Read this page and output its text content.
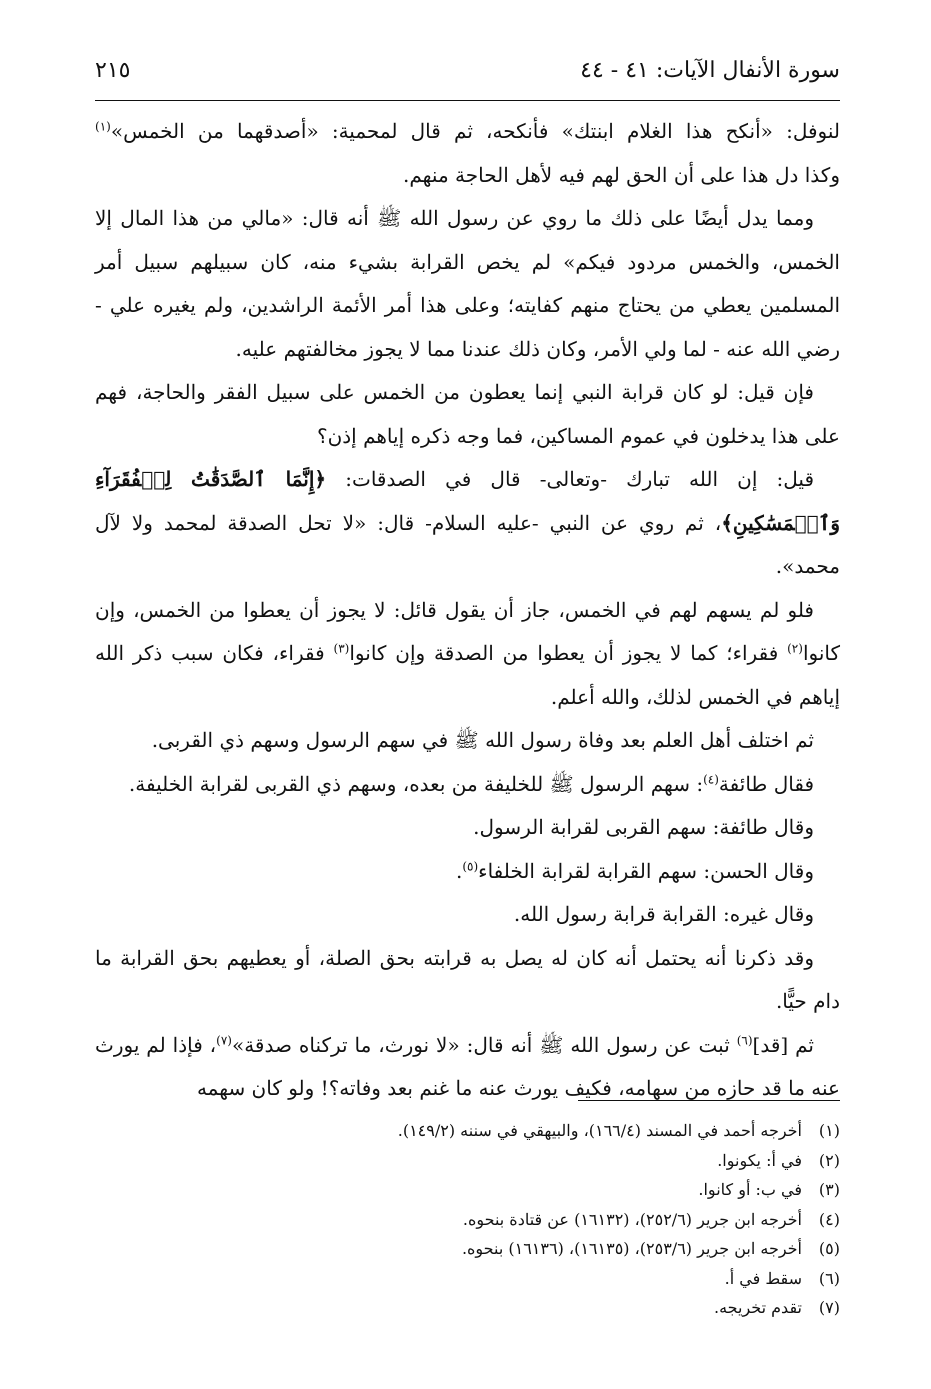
سورة الأنفال الآيات: ٤١ - ٤٤
٢١٥

لنوفل: «أنكح هذا الغلام ابنتك» فأنكحه، ثم قال لمحمية: «أصدقهما من الخمس»$^{(١)}$

وكذا دل هذا على أن الحق لهم فيه لأهل الحاجة منهم.

ومما يدل أيضًا على ذلك ما روي عن رسول الله ﷺ أنه قال: «مالي من هذا المال إلا الخمس، والخمس مردود فيكم» لم يخص القرابة بشيء منه، كان سبيلهم سبيل أمر المسلمين يعطي من يحتاج منهم كفايته؛ وعلى هذا أمر الأئمة الراشدين، ولم يغيره علي - رضي الله عنه - لما ولي الأمر، وكان ذلك عندنا مما لا يجوز مخالفتهم عليه.

فإن قيل: لو كان قرابة النبي إنما يعطون من الخمس على سبيل الفقر والحاجة، فهم على هذا يدخلون في عموم المساكين، فما وجه ذكره إياهم إذن؟

قيل: إن الله تبارك -وتعالى- قال في الصدقات: ﴿إِنَّمَا ٱلصَّدَقَٰتُ لِلۡفُقَرَآءِ وَٱلۡمَسَٰكِينِ﴾، ثم روي عن النبي -عليه السلام- قال: «لا تحل الصدقة لمحمد ولا لآل محمد».

فلو لم يسهم لهم في الخمس، جاز أن يقول قائل: لا يجوز أن يعطوا من الخمس، وإن كانوا$^{(٢)}$ فقراء؛ كما لا يجوز أن يعطوا من الصدقة وإن كانوا$^{(٣)}$ فقراء، فكان سبب ذكر الله إياهم في الخمس لذلك، والله أعلم.

ثم اختلف أهل العلم بعد وفاة رسول الله ﷺ في سهم الرسول وسهم ذي القربى.

فقال طائفة$^{(٤)}$: سهم الرسول ﷺ للخليفة من بعده، وسهم ذي القربى لقرابة الخليفة.

وقال طائفة: سهم القربى لقرابة الرسول.

وقال الحسن: سهم القرابة لقرابة الخلفاء$^{(٥)}$.

وقال غيره: القرابة قرابة رسول الله.

وقد ذكرنا أنه يحتمل أنه كان له يصل به قرابته بحق الصلة، أو يعطيهم بحق القرابة ما دام حيًّا.

ثم [قد]$^{(٦)}$ ثبت عن رسول الله ﷺ أنه قال: «لا نورث، ما تركناه صدقة»$^{(٧)}$، فإذا لم يورث عنه ما قد حازه من سهامه، فكيف يورث عنه ما غنم بعد وفاته؟! ولو كان سهمه

(١)
أخرجه أحمد في المسند (١٦٦/٤)، والبيهقي في سننه (١٤٩/٢).
(٢)
في أ: يكونوا.
(٣)
في ب: أو كانوا.
(٤)
أخرجه ابن جرير (٢٥٢/٦)، (١٦١٣٢) عن قتادة بنحوه.
(٥)
أخرجه ابن جرير (٢٥٣/٦)، (١٦١٣٥)، (١٦١٣٦) بنحوه.
(٦)
سقط في أ.
(٧)
تقدم تخريجه.
